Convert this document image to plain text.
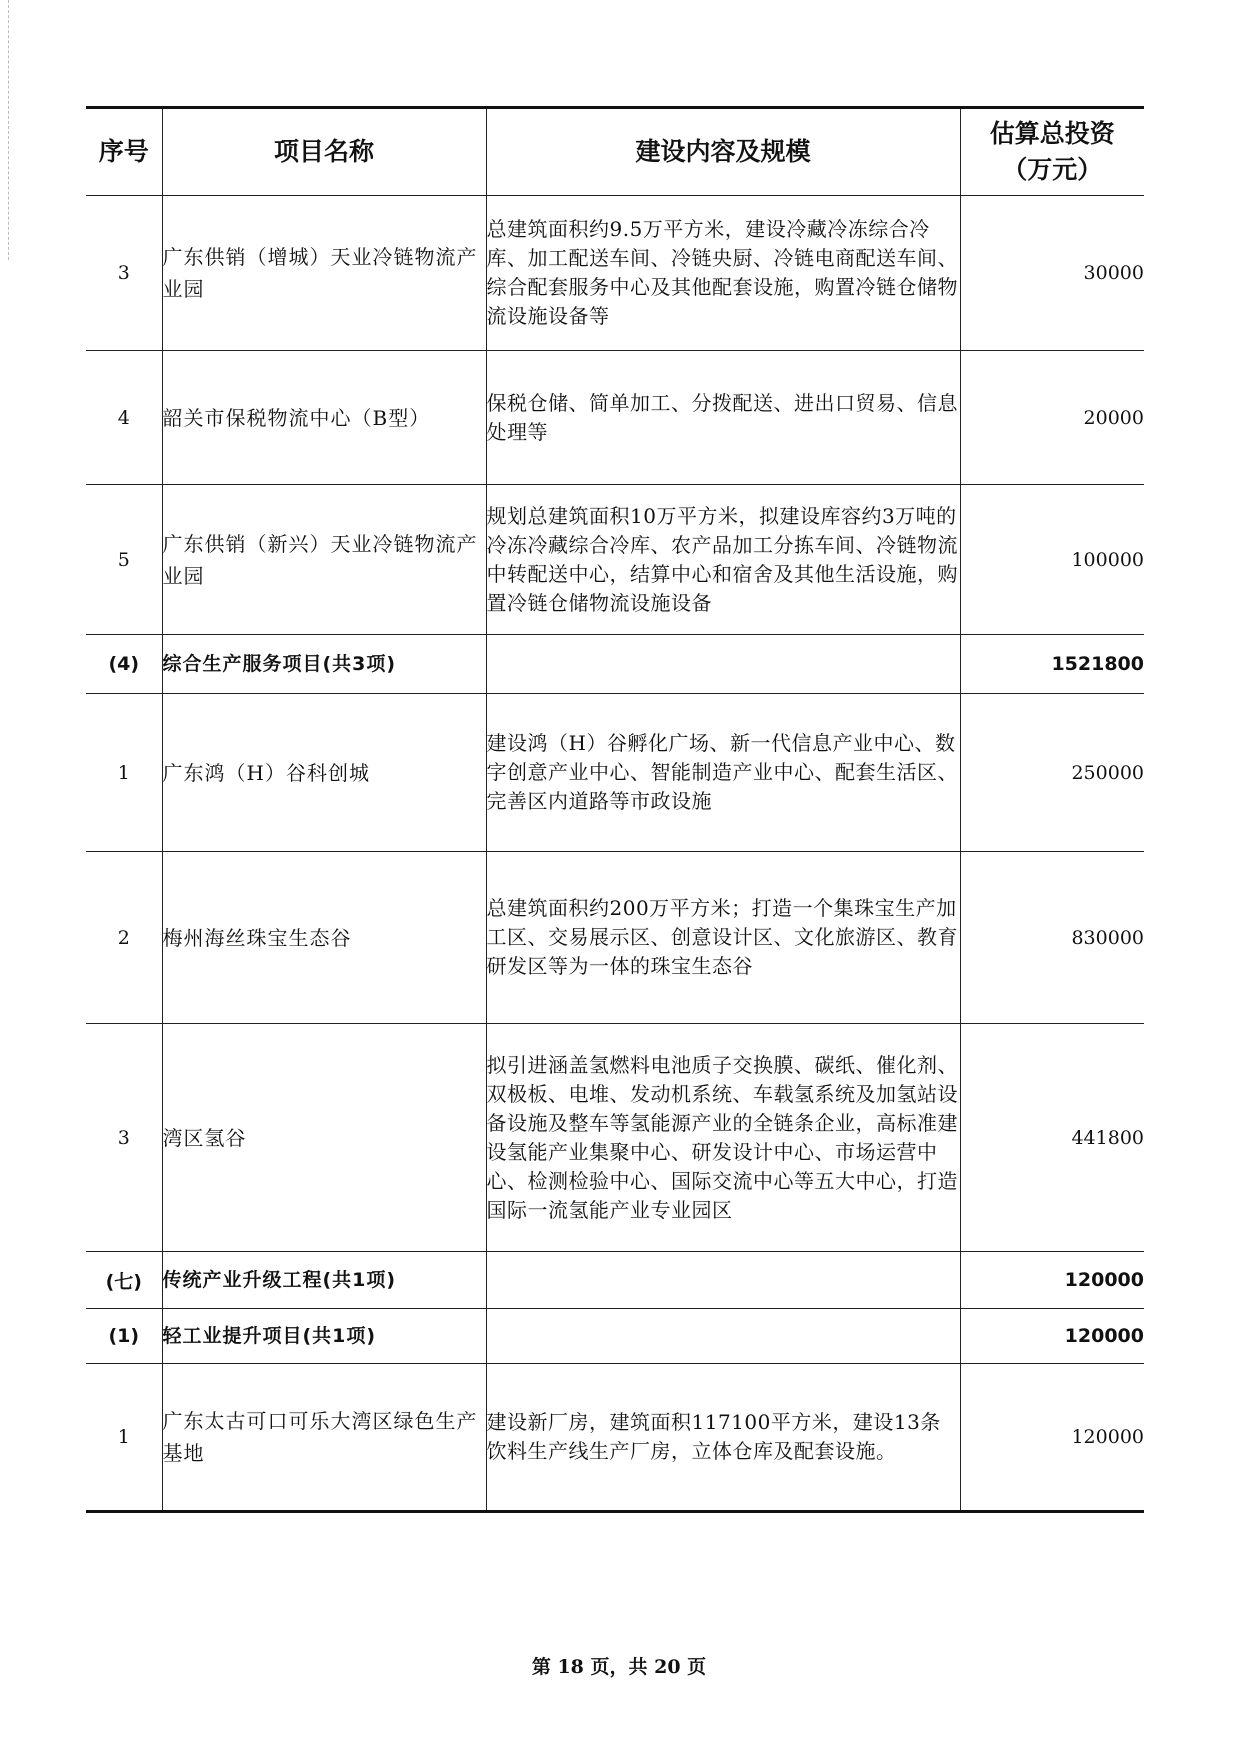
序号	项目名称	建设内容及规模	估算总投资
（万元）

3	广东供销（增城）天业冷链物流产业园	总建筑面积约9.5万平方米，建设冷藏冷冻综合冷库、加工配送车间、冷链央厨、冷链电商配送车间、综合配套服务中心及其他配套设施，购置冷链仓储物流设施设备等	30000
4	韶关市保税物流中心（B型）	保税仓储、简单加工、分拨配送、进出口贸易、信息处理等	20000
5	广东供销（新兴）天业冷链物流产业园	规划总建筑面积10万平方米，拟建设库容约3万吨的冷冻冷藏综合冷库、农产品加工分拣车间、冷链物流中转配送中心，结算中心和宿舍及其他生活设施，购置冷链仓储物流设施设备	100000
(4)	综合生产服务项目(共3项)		1521800
1	广东鸿（H）谷科创城	建设鸿（H）谷孵化广场、新一代信息产业中心、数字创意产业中心、智能制造产业中心、配套生活区、完善区内道路等市政设施	250000
2	梅州海丝珠宝生态谷	总建筑面积约200万平方米；打造一个集珠宝生产加工区、交易展示区、创意设计区、文化旅游区、教育研发区等为一体的珠宝生态谷	830000
3	湾区氢谷	拟引进涵盖氢燃料电池质子交换膜、碳纸、催化剂、双极板、电堆、发动机系统、车载氢系统及加氢站设备设施及整车等氢能源产业的全链条企业，高标准建设氢能产业集聚中心、研发设计中心、市场运营中心、检测检验中心、国际交流中心等五大中心，打造国际一流氢能产业专业园区	441800
(七)	传统产业升级工程(共1项)		120000
(1)	轻工业提升项目(共1项)		120000
1	广东太古可口可乐大湾区绿色生产基地	建设新厂房，建筑面积117100平方米，建设13条饮料生产线生产厂房，立体仓库及配套设施。	120000
第 18 页，共 20 页
